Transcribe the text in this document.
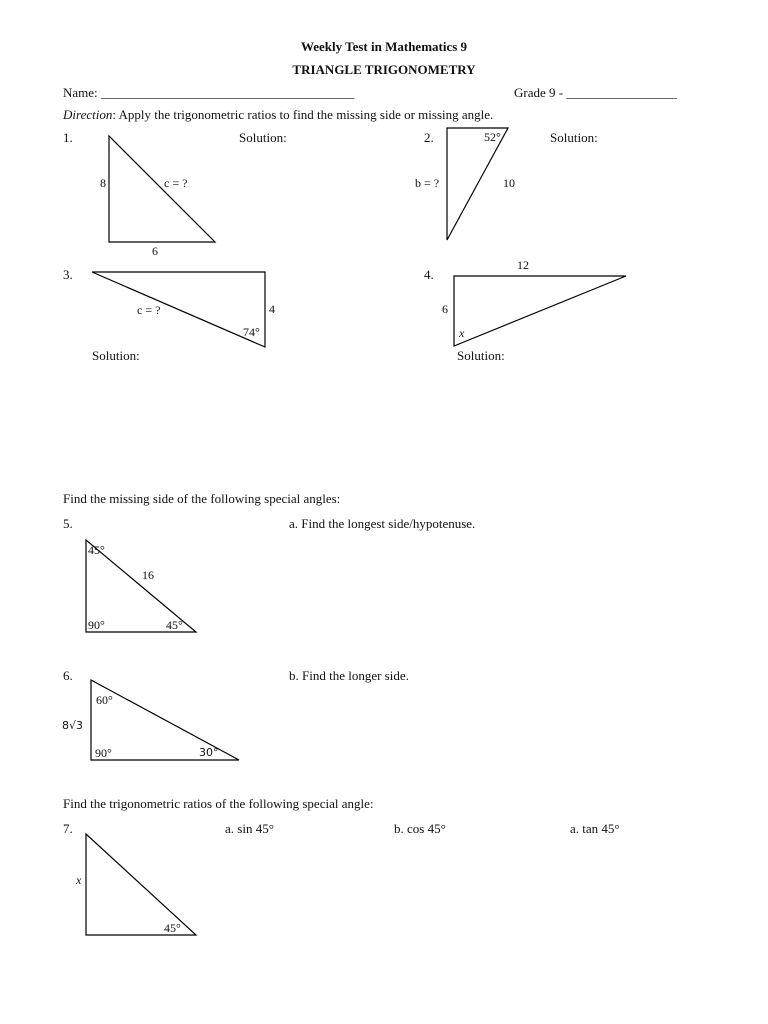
Weekly Test in Mathematics 9
TRIANGLE TRIGONOMETRY
Name: _______________________________________	Grade 9 - _________________
Direction: Apply the trigonometric ratios to find the missing side or missing angle.
1.	Solution:
8	c = ?
6
2.	Solution:
52°
b = ?	10
3.
c = ?	4
74°
Solution:
4.
12
6
x
Solution:
Find the missing side of the following special angles:
5.	a. Find the longest side/hypotenuse.
45°
16
90°	45°
6.	b. Find the longer side.
60°
8√3
90°	30°
Find the trigonometric ratios of the following special angle:
7.	a. sin 45°	b. cos 45°	a. tan 45°
x
45°
